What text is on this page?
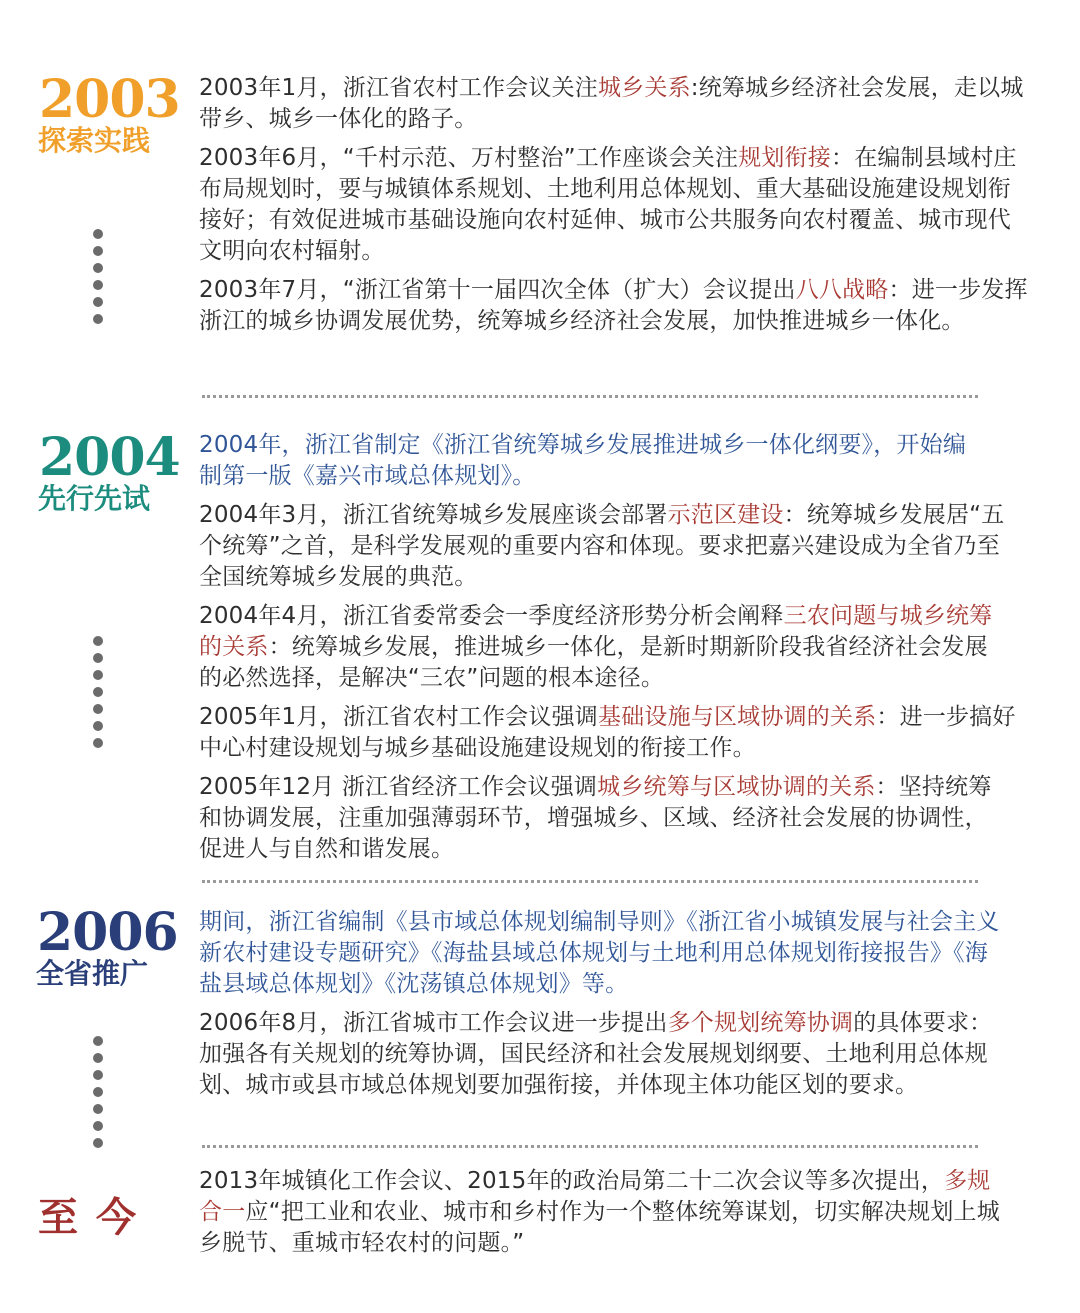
2003
探索实践

2003年1月，浙江省农村工作会议关注城乡关系:统筹城乡经济社会发展，走以城带乡、城乡一体化的路子。

2003年6月，“千村示范、万村整治”工作座谈会关注规划衔接：在编制县域村庄布局规划时，要与城镇体系规划、土地利用总体规划、重大基础设施建设规划衔接好；有效促进城市基础设施向农村延伸、城市公共服务向农村覆盖、城市现代文明向农村辐射。

2003年7月，“浙江省第十一届四次全体（扩大）会议提出八八战略：进一步发挥浙江的城乡协调发展优势，统筹城乡经济社会发展，加快推进城乡一体化。

2004
先行先试

2004年，浙江省制定《浙江省统筹城乡发展推进城乡一体化纲要》，开始编制第一版《嘉兴市域总体规划》。

2004年3月，浙江省统筹城乡发展座谈会部署示范区建设：统筹城乡发展居“五个统筹”之首，是科学发展观的重要内容和体现。要求把嘉兴建设成为全省乃至全国统筹城乡发展的典范。

2004年4月，浙江省委常委会一季度经济形势分析会阐释三农问题与城乡统筹的关系：统筹城乡发展，推进城乡一体化，是新时期新阶段我省经济社会发展的必然选择，是解决“三农”问题的根本途径。

2005年1月，浙江省农村工作会议强调基础设施与区域协调的关系：进一步搞好中心村建设规划与城乡基础设施建设规划的衔接工作。

2005年12月 浙江省经济工作会议强调城乡统筹与区域协调的关系：坚持统筹和协调发展，注重加强薄弱环节，增强城乡、区域、经济社会发展的协调性，促进人与自然和谐发展。

2006
全省推广

期间，浙江省编制《县市域总体规划编制导则》《浙江省小城镇发展与社会主义新农村建设专题研究》《海盐县域总体规划与土地利用总体规划衔接报告》《海盐县域总体规划》《沈荡镇总体规划》等。

2006年8月，浙江省城市工作会议进一步提出多个规划统筹协调的具体要求：加强各有关规划的统筹协调，国民经济和社会发展规划纲要、土地利用总体规划、城市或县市域总体规划要加强衔接，并体现主体功能区划的要求。

至今

2013年城镇化工作会议、2015年的政治局第二十二次会议等多次提出，多规合一应“把工业和农业、城市和乡村作为一个整体统筹谋划，切实解决规划上城乡脱节、重城市轻农村的问题。”
